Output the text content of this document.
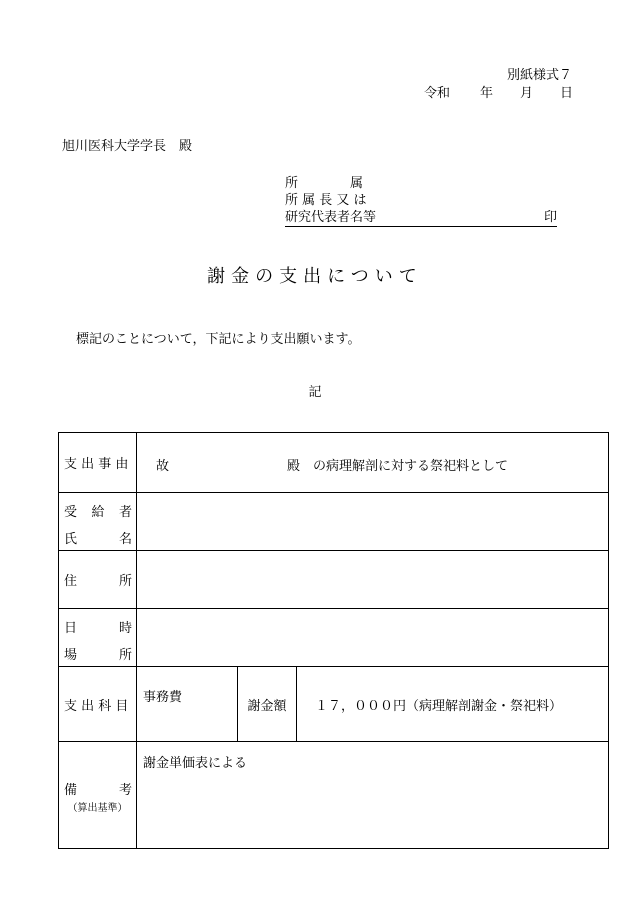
別紙様式７
令和 年 月 日
旭川医科大学学長　殿
所　　　　属
所 属 長 又 は
研究代表者名等	印
謝金の支出について
標記のことについて，下記により支出願います。
記
支 出 事 由	故 殿　の病理解剖に対する祭祀料として		

受 給 者
氏 名			

住 所			

日 時
場 所			

支 出 科 目	事務費	謝金額	１７，０００円（病理解剖謝金・祭祀料）

備 考
（算出基準）	謝金単価表による		
